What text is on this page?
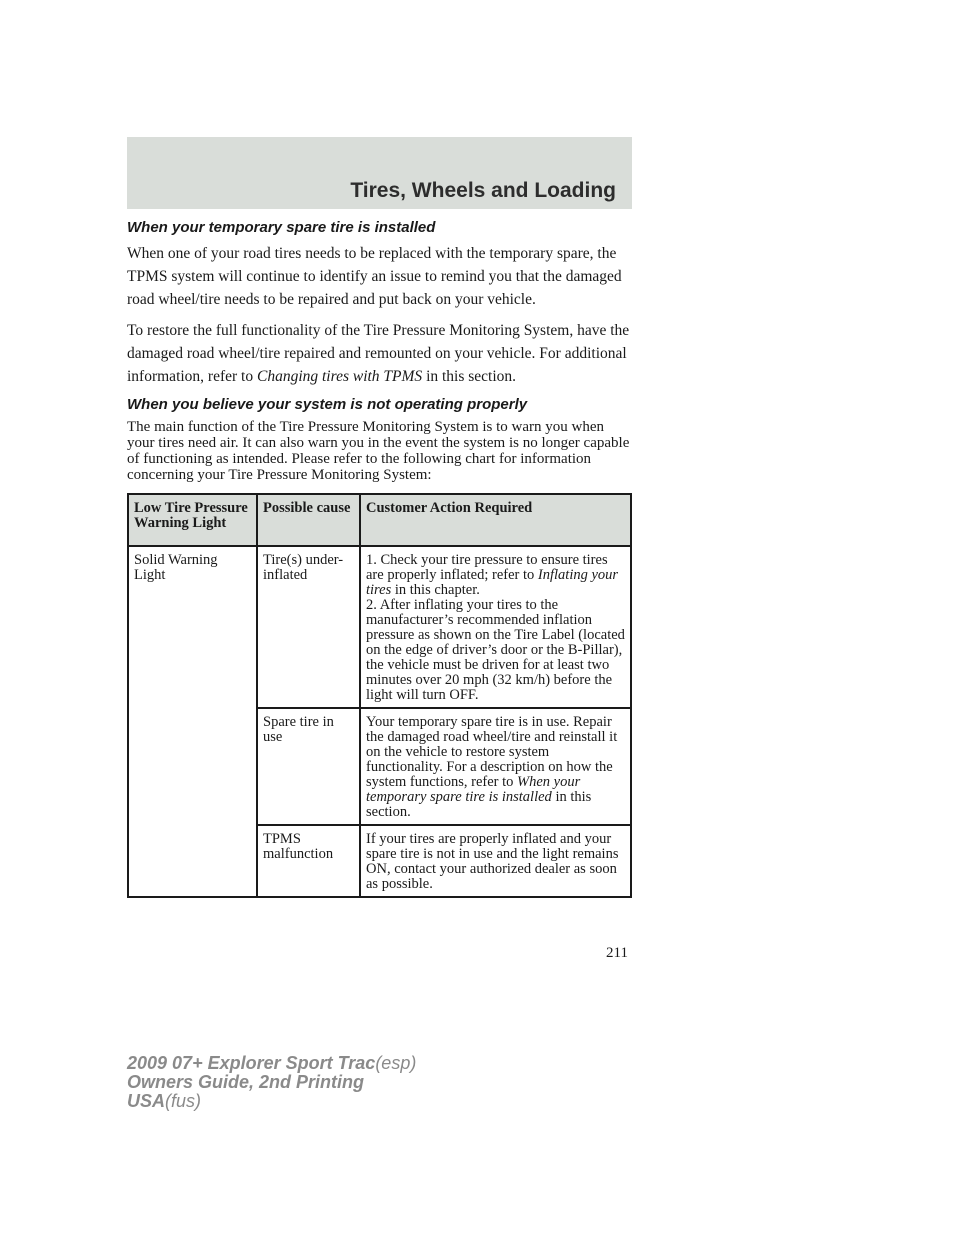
Tires, Wheels and Loading
When your temporary spare tire is installed

When one of your road tires needs to be replaced with the temporary spare, the TPMS system will continue to identify an issue to remind you that the damaged road wheel/tire needs to be repaired and put back on your vehicle.

To restore the full functionality of the Tire Pressure Monitoring System, have the damaged road wheel/tire repaired and remounted on your vehicle. For additional information, refer to Changing tires with TPMS in this section.

When you believe your system is not operating properly

The main function of the Tire Pressure Monitoring System is to warn you when your tires need air. It can also warn you in the event the system is no longer capable of functioning as intended. Please refer to the following chart for information concerning your Tire Pressure Monitoring System:

Low Tire Pressure Warning Light	Possible cause	Customer Action Required
Solid Warning Light	Tire(s) under-inflated	1. Check your tire pressure to ensure tires are properly inflated; refer to Inflating your tires in this chapter.
2. After inflating your tires to the manufacturer’s recommended inflation pressure as shown on the Tire Label (located on the edge of driver’s door or the B-Pillar), the vehicle must be driven for at least two minutes over 20 mph (32 km/h) before the light will turn OFF.
	Spare tire in use	Your temporary spare tire is in use. Repair the damaged road wheel/tire and reinstall it on the vehicle to restore system functionality. For a description on how the system functions, refer to When your temporary spare tire is installed in this section.
	TPMS malfunction	If your tires are properly inflated and your spare tire is not in use and the light remains ON, contact your authorized dealer as soon as possible.
211
2009 07+ Explorer Sport Trac(esp)
Owners Guide, 2nd Printing
USA(fus)
